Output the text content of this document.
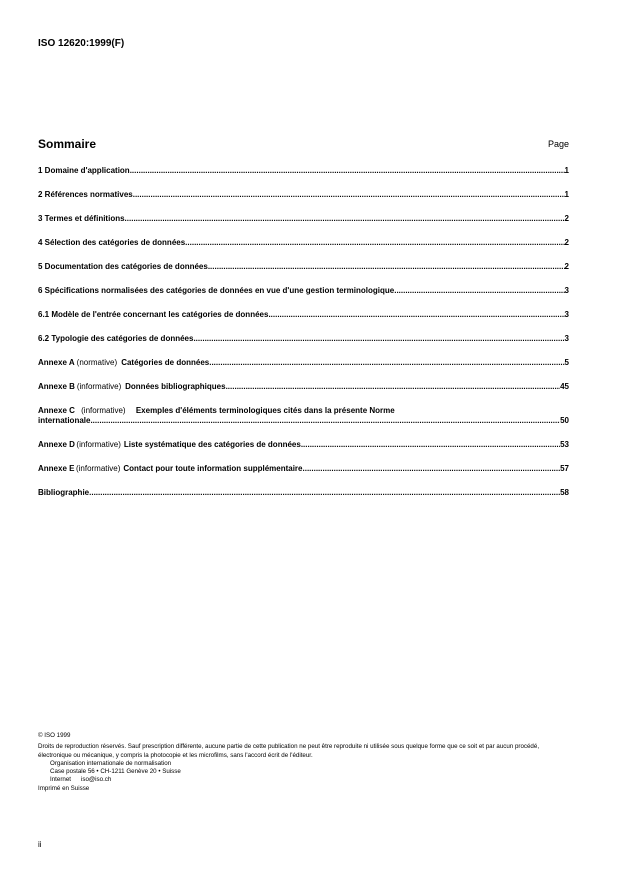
ISO 12620:1999(F)
Sommaire	Page
1 Domaine d'application .....	1
2 Références normatives .....	1
3 Termes et définitions .....	2
4 Sélection des catégories de données .....	2
5 Documentation des catégories de données .....	2
6 Spécifications normalisées des catégories de données en vue d'une gestion terminologique .....	3
6.1 Modèle de l'entrée concernant les catégories de données .....	3
6.2 Typologie des catégories de données .....	3
Annexe A (normative) Catégories de données .....	5
Annexe B (informative) Données bibliographiques .....	45
Annexe C (informative) Exemples d'éléments terminologiques cités dans la présente Norme
internationale .....	50
Annexe D (informative) Liste systématique des catégories de données .....	53
Annexe E (informative) Contact pour toute information supplémentaire .....	57
Bibliographie .....	58
© ISO 1999
Droits de reproduction réservés. Sauf prescription différente, aucune partie de cette publication ne peut être reproduite ni utilisée sous quelque forme que ce soit et par aucun procédé, électronique ou mécanique, y compris la photocopie et les microfilms, sans l'accord écrit de l'éditeur.
Organisation internationale de normalisation
Case postale 56 • CH-1211 Genève 20 • Suisse
Internet iso@iso.ch
Imprimé en Suisse
ii
